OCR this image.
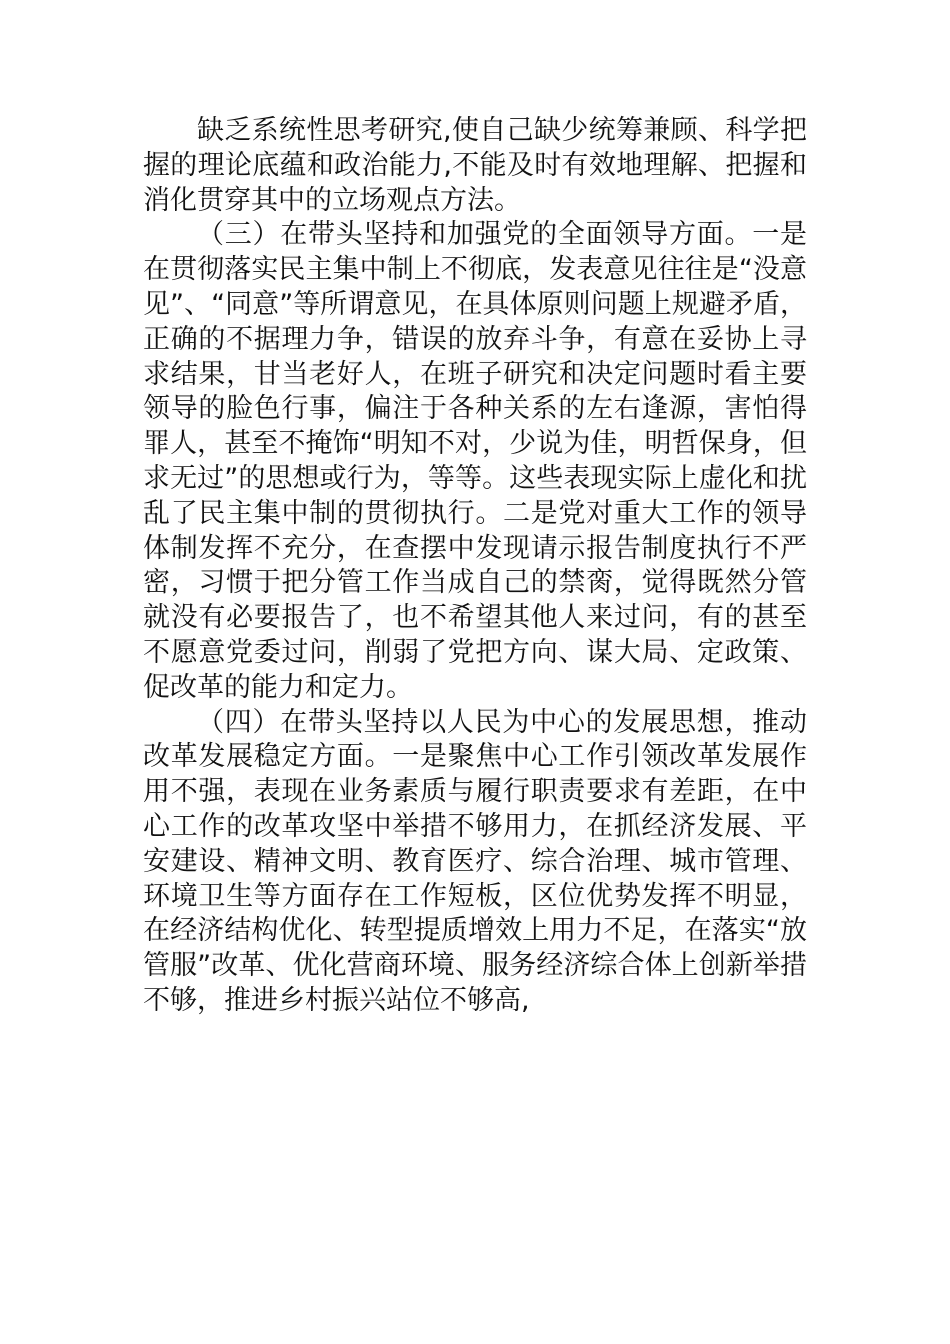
缺乏系统性思考研究,使自己缺少统筹兼顾、科学把握的理论底蕴和政治能力,不能及时有效地理解、把握和消化贯穿其中的立场观点方法。

（三）在带头坚持和加强党的全面领导方面。一是在贯彻落实民主集中制上不彻底，发表意见往往是“没意见”、“同意”等所谓意见，在具体原则问题上规避矛盾，正确的不据理力争，错误的放弃斗争，有意在妥协上寻求结果，甘当老好人，在班子研究和决定问题时看主要领导的脸色行事，偏注于各种关系的左右逢源，害怕得罪人，甚至不掩饰“明知不对，少说为佳，明哲保身，但求无过”的思想或行为，等等。这些表现实际上虚化和扰乱了民主集中制的贯彻执行。二是党对重大工作的领导体制发挥不充分，在查摆中发现请示报告制度执行不严密，习惯于把分管工作当成自己的禁脔，觉得既然分管就没有必要报告了，也不希望其他人来过问，有的甚至不愿意党委过问，削弱了党把方向、谋大局、定政策、促改革的能力和定力。

（四）在带头坚持以人民为中心的发展思想，推动改革发展稳定方面。一是聚焦中心工作引领改革发展作用不强，表现在业务素质与履行职责要求有差距，在中心工作的改革攻坚中举措不够用力，在抓经济发展、平安建设、精神文明、教育医疗、综合治理、城市管理、环境卫生等方面存在工作短板，区位优势发挥不明显，在经济结构优化、转型提质增效上用力不足，在落实“放管服”改革、优化营商环境、服务经济综合体上创新举措不够，推进乡村振兴站位不够高,
